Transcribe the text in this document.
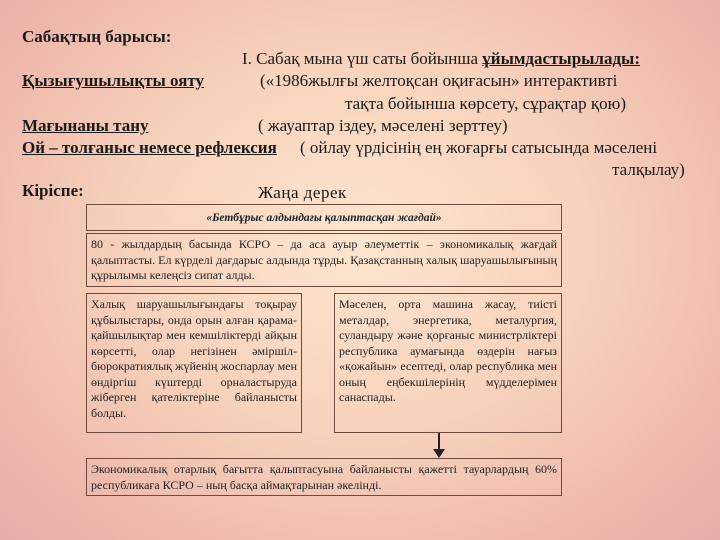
Сабақтың барысы:
I. Сабақ мына үш саты бойынша ұйымдастырылады:
Қызығушылықты ояту	(«1986жылғы желтоқсан оқиғасын» интерактивті
тақта бойынша көрсету, сұрақтар қою)
Мағынаны тану	( жауаптар іздеу, мәселені зерттеу)
Ой – толғаныс немесе рефлексия ( ойлау үрдісінің ең жоғарғы сатысында мәселені
талқылау)
Кіріспе:	Жаңа дерек
«Бетбұрыс алдындағы қалыптасқан жағдай»
80 - жылдардың басында КСРО – да аса ауыр әлеуметтік – экономикалық жағдай қалыптасты. Ел күрделі дағдарыс алдында тұрды. Қазақстанның халық шаруашылығының құрылымы келеңсіз сипат алды.
Халық шаруашылығындағы тоқырау құбылыстары, онда орын алған қарама-қайшылықтар мен кемшіліктерді айқын көрсетті, олар негізінен әміршіл-бюрократиялық жүйенің жоспарлау мен өндіргіш күштерді орналастыруда жіберген қателіктеріне байланысты болды.
Мәселен, орта машина жасау, тиісті металдар, энергетика, металургия, суландыру және қорғаныс министрліктері республика аумағында өздерін нағыз «қожайын» есептеді, олар республика мен оның еңбекшілерінің мүдделерімен санаспады.
Экономикалық отарлық бағытта қалыптасуына байланысты қажетті тауарлардың 60% республикаға КСРО – ның басқа аймақтарынан әкелінді.
